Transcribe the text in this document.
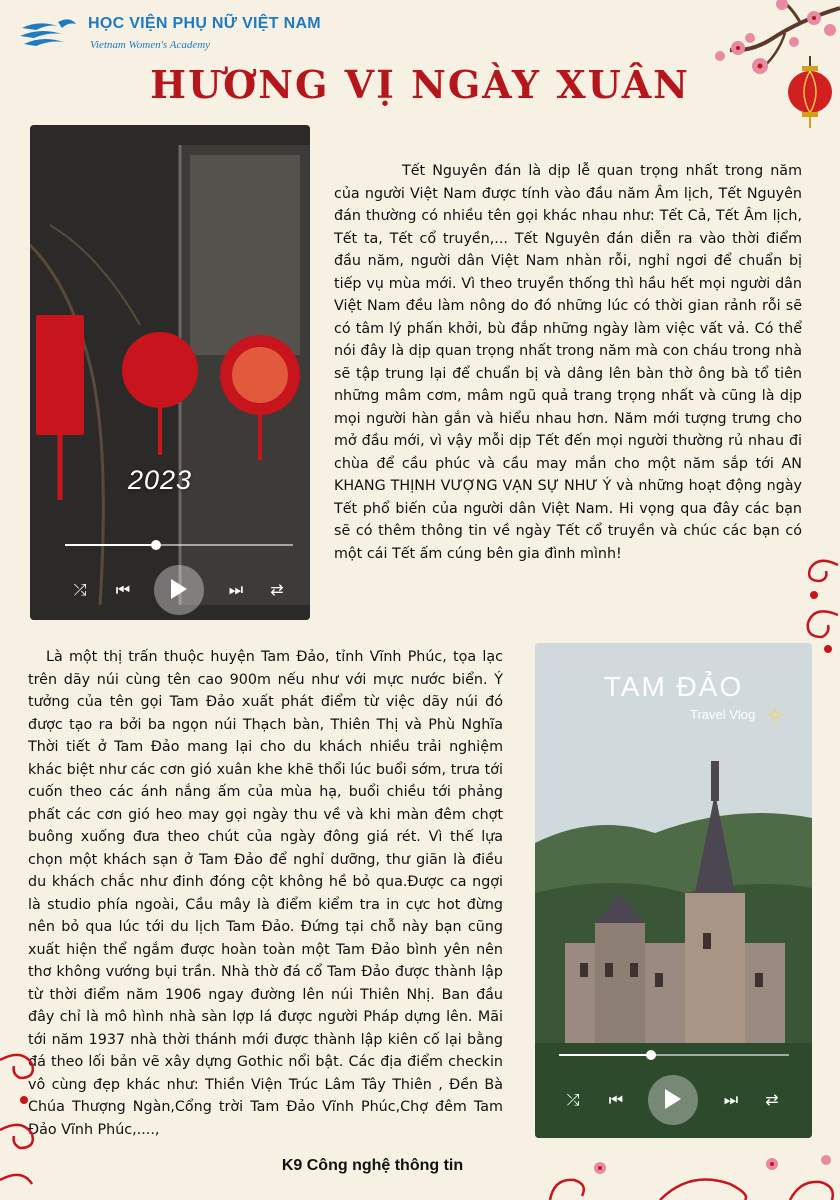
HỌC VIỆN PHỤ NỮ VIỆT NAM
Vietnam Women's Academy
HƯƠNG VỊ NGÀY XUÂN
2023
⤮ ⏮	⏭ ⇄

Tết Nguyên đán là dịp lễ quan trọng nhất trong năm của người Việt Nam được tính vào đầu năm Âm lịch, Tết Nguyên đán thường có nhiều tên gọi khác nhau như: Tết Cả, Tết Âm lịch, Tết ta, Tết cổ truyền,... Tết Nguyên đán diễn ra vào thời điểm đầu năm, người dân Việt Nam nhàn rỗi, nghỉ ngơi để chuẩn bị tiếp vụ mùa mới. Vì theo truyền thống thì hầu hết mọi người dân Việt Nam đều làm nông do đó những lúc có thời gian rảnh rỗi sẽ có tâm lý phấn khởi, bù đắp những ngày làm việc vất vả. Có thể nói đây là dịp quan trọng nhất trong năm mà con cháu trong nhà sẽ tập trung lại để chuẩn bị và dâng lên bàn thờ ông bà tổ tiên những mâm cơm, mâm ngũ quả trang trọng nhất và cũng là dịp mọi người hàn gắn và hiểu nhau hơn. Năm mới tượng trưng cho mở đầu mới, vì vậy mỗi dịp Tết đến mọi người thường rủ nhau đi chùa để cầu phúc và cầu may mắn cho một năm sắp tới AN KHANG THỊNH VƯỢNG VẠN SỰ NHƯ Ý và những hoạt động ngày Tết phổ biến của người dân Việt Nam. Hi vọng qua đây các bạn sẽ có thêm thông tin về ngày Tết cổ truyền và chúc các bạn có một cái Tết ấm cúng bên gia đình mình!

TAM ĐẢO
Travel Vlog
⤮ ⏮	⏭ ⇄

Là một thị trấn thuộc huyện Tam Đảo, tỉnh Vĩnh Phúc, tọa lạc trên dãy núi cùng tên cao 900m nếu như với mực nước biển. Ý tưởng của tên gọi Tam Đảo xuất phát điểm từ việc dãy núi đó được tạo ra bởi ba ngọn núi Thạch bàn, Thiên Thị và Phù Nghĩa Thời tiết ở Tam Đảo mang lại cho du khách nhiều trải nghiệm khác biệt như các cơn gió xuân khe khẽ thổi lúc buổi sớm, trưa tới cuốn theo các ánh nắng ấm của mùa hạ, buổi chiều tới phảng phất các cơn gió heo may gọi ngày thu về và khi màn đêm chợt buông xuống đưa theo chút của ngày đông giá rét. Vì thế lựa chọn một khách sạn ở Tam Đảo để nghỉ dưỡng, thư giãn là điều du khách chắc như đinh đóng cột không hề bỏ qua.Được ca ngợi là studio phía ngoài, Cầu mây là điểm kiểm tra in cực hot đừng nên bỏ qua lúc tới du lịch Tam Đảo. Đứng tại chỗ này bạn cũng xuất hiện thể ngắm được hoàn toàn một Tam Đảo bình yên nên thơ không vướng bụi trần. Nhà thờ đá cổ Tam Đảo được thành lập từ thời điểm năm 1906 ngay đường lên núi Thiên Nhị. Ban đầu đây chỉ là mô hình nhà sàn lợp lá được người Pháp dựng lên. Mãi tới năm 1937 nhà thời thánh mới được thành lập kiên cố lại bằng đá theo lối bản vẽ xây dựng Gothic nổi bật. Các địa điểm checkin vô cùng đẹp khác như: Thiền Viện Trúc Lâm Tây Thiên , Đền Bà Chúa Thượng Ngàn,Cổng trời Tam Đảo Vĩnh Phúc,Chợ đêm Tam Đảo Vĩnh Phúc,....,

K9 Công nghệ thông tin
